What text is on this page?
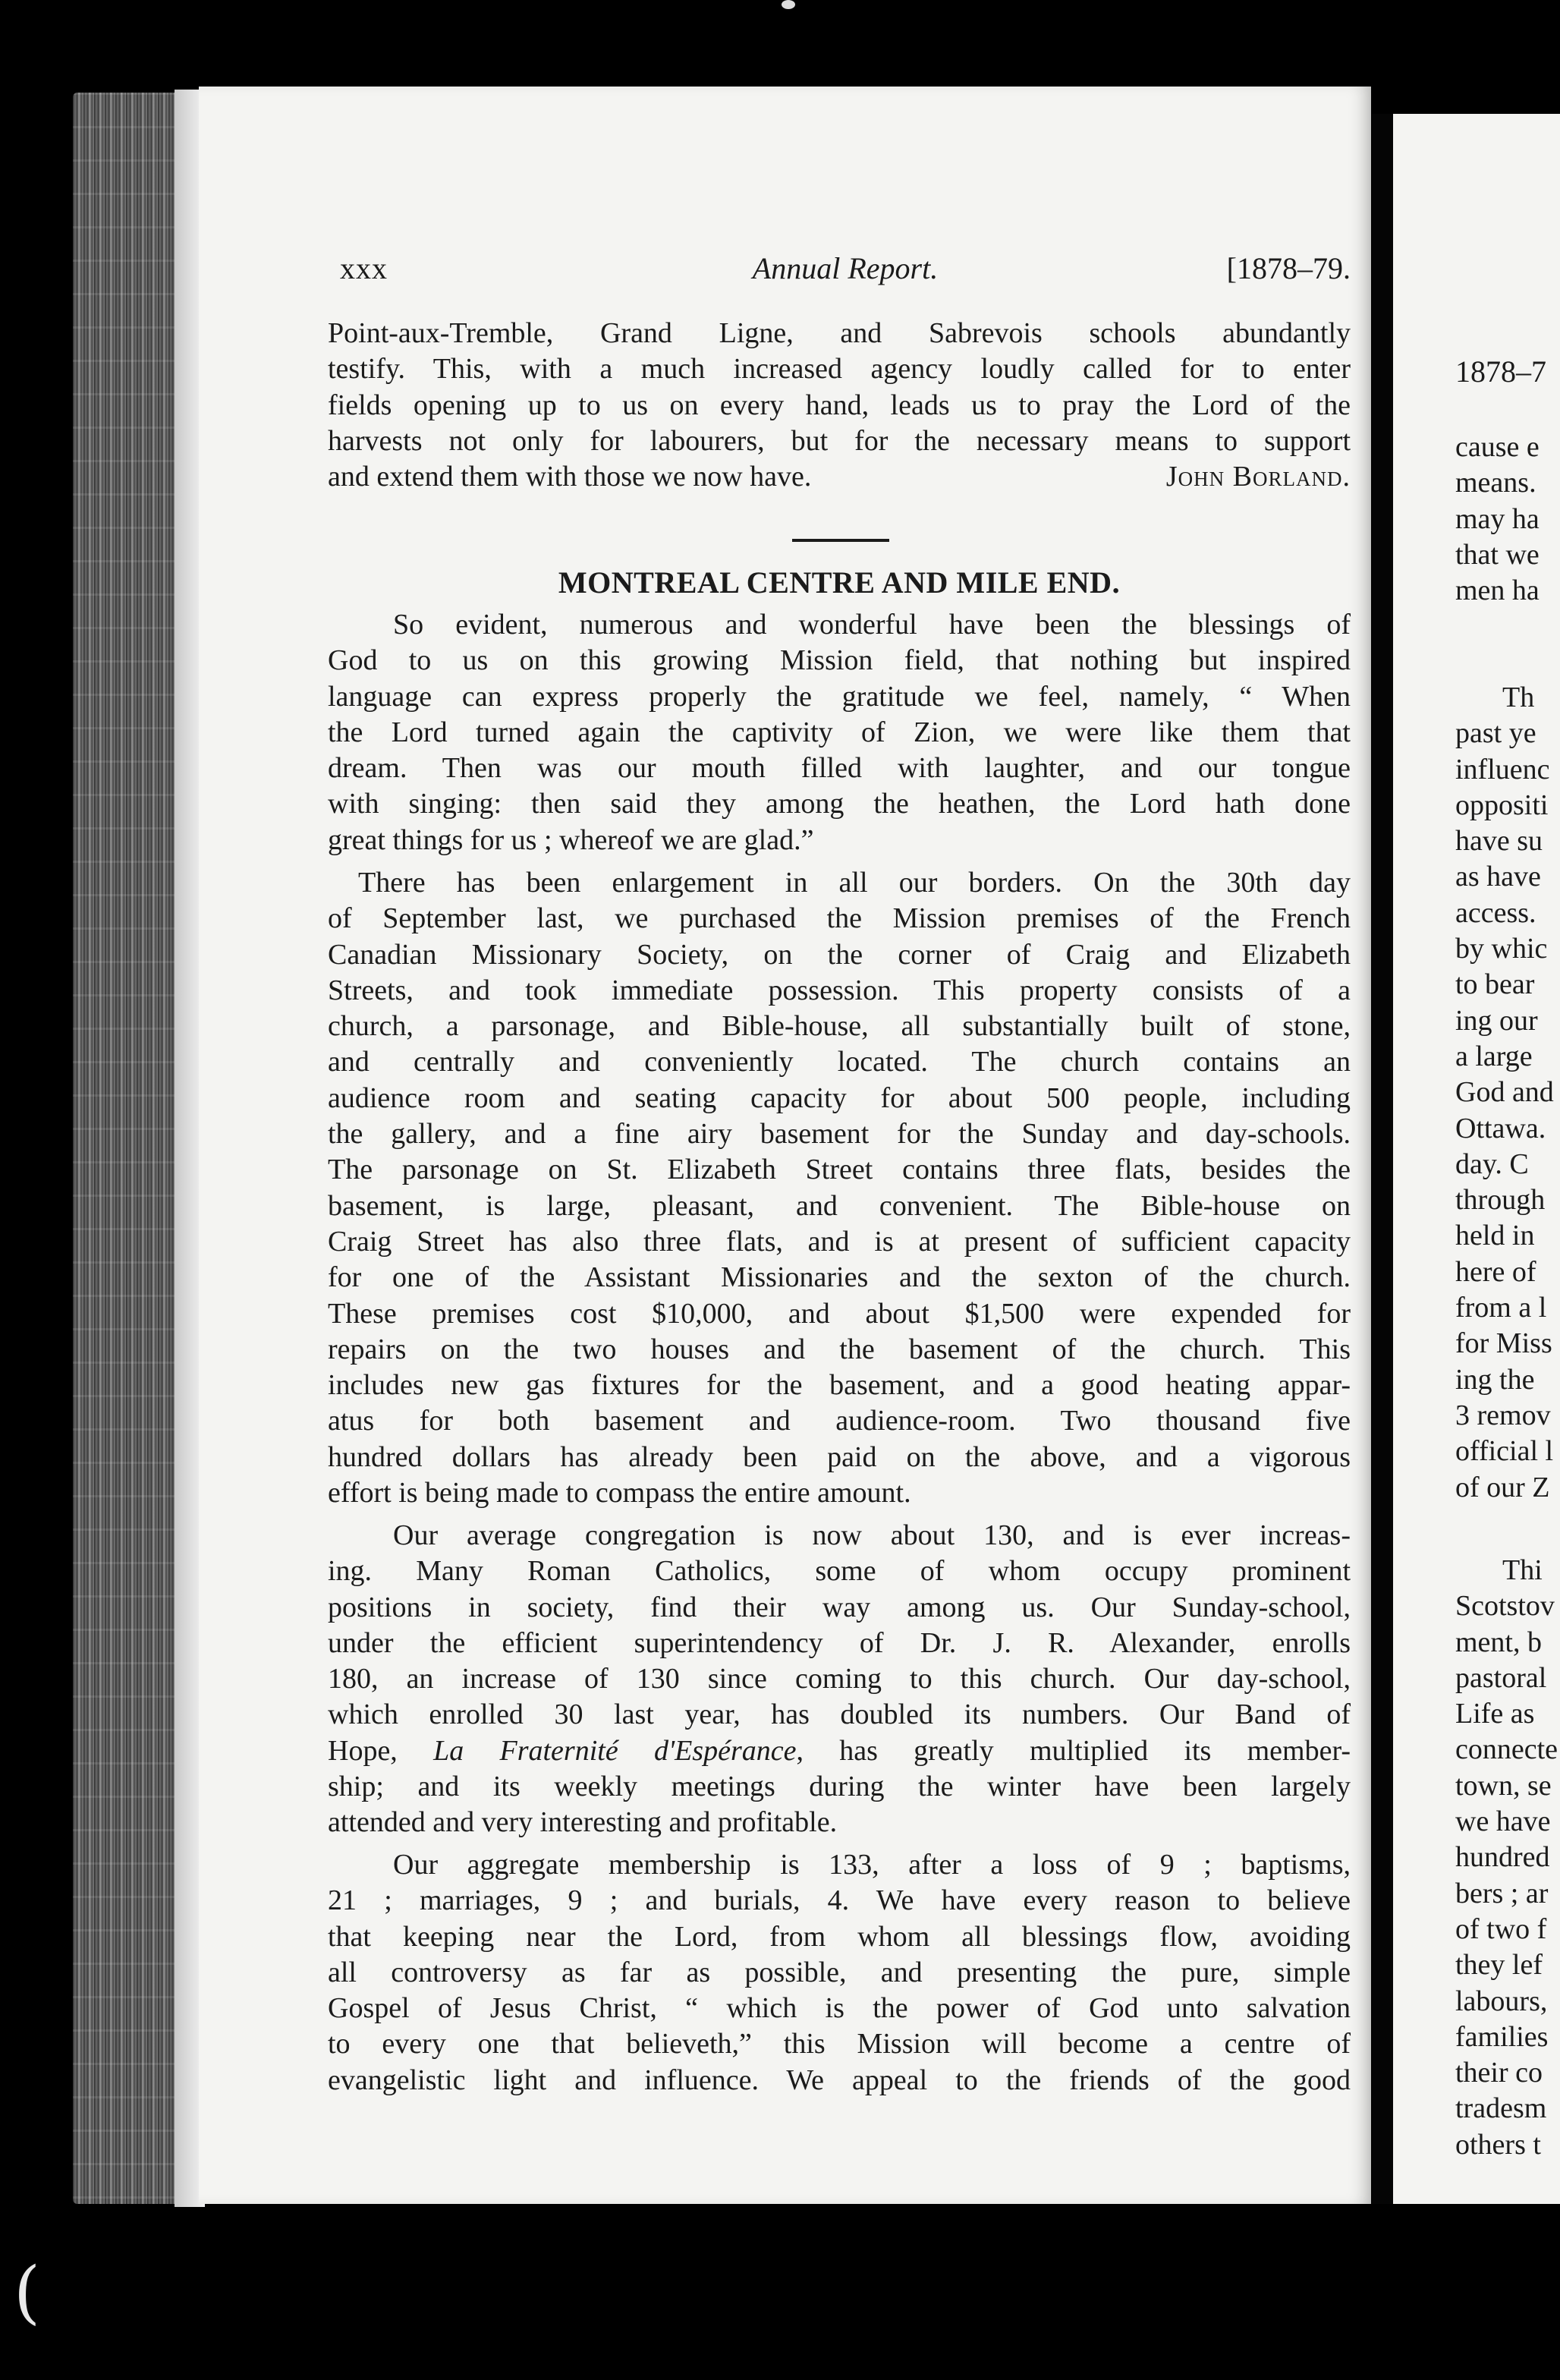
xxx	Annual Report.	[1878–79.
Point-aux-Tremble, Grand Ligne, and Sabrevois schools abundantly
testify. This, with a much increased agency loudly called for to enter
fields opening up to us on every hand, leads us to pray the Lord of the
harvests not only for labourers, but for the necessary means to support
and extend them with those we now have.	John Borland.
MONTREAL CENTRE AND MILE END.
So evident, numerous and wonderful have been the blessings of
God to us on this growing Mission field, that nothing but inspired
language can express properly the gratitude we feel, namely, “ When
the Lord turned again the captivity of Zion, we were like them that
dream. Then was our mouth filled with laughter, and our tongue
with singing: then said they among the heathen, the Lord hath done
great things for us ; whereof we are glad.”
There has been enlargement in all our borders. On the 30th day
of September last, we purchased the Mission premises of the French
Canadian Missionary Society, on the corner of Craig and Elizabeth
Streets, and took immediate possession. This property consists of a
church, a parsonage, and Bible-house, all substantially built of stone,
and centrally and conveniently located. The church contains an
audience room and seating capacity for about 500 people, including
the gallery, and a fine airy basement for the Sunday and day-schools.
The parsonage on St. Elizabeth Street contains three flats, besides the
basement, is large, pleasant, and convenient. The Bible-house on
Craig Street has also three flats, and is at present of sufficient capacity
for one of the Assistant Missionaries and the sexton of the church.
These premises cost $10,000, and about $1,500 were expended for
repairs on the two houses and the basement of the church. This
includes new gas fixtures for the basement, and a good heating appar-
atus for both basement and audience-room. Two thousand five
hundred dollars has already been paid on the above, and a vigorous
effort is being made to compass the entire amount.
Our average congregation is now about 130, and is ever increas-
ing. Many Roman Catholics, some of whom occupy prominent
positions in society, find their way among us. Our Sunday-school,
under the efficient superintendency of Dr. J. R. Alexander, enrolls
180, an increase of 130 since coming to this church. Our day-school,
which enrolled 30 last year, has doubled its numbers. Our Band of
Hope, La Fraternité d'Espérance, has greatly multiplied its member-
ship; and its weekly meetings during the winter have been largely
attended and very interesting and profitable.
Our aggregate membership is 133, after a loss of 9 ; baptisms,
21 ; marriages, 9 ; and burials, 4. We have every reason to believe
that keeping near the Lord, from whom all blessings flow, avoiding
all controversy as far as possible, and presenting the pure, simple
Gospel of Jesus Christ, “ which is the power of God unto salvation
to every one that believeth,” this Mission will become a centre of
evangelistic light and influence. We appeal to the friends of the good
1878–7
cause e
means.
may ha
that we
men ha
Th
past ye
influenc
oppositi
have su
as have
access.
by whic
to bear
ing our
a large
God and
Ottawa.
day. C
through
held in
here of
from a l
for Miss
ing the
3 remov
official l
of our Z
Thi
Scotstov
ment, b
pastoral
Life as
connecte
town, se
we have
hundred
bers ; ar
of two f
they lef
labours,
families
their co
tradesm
others t
(
